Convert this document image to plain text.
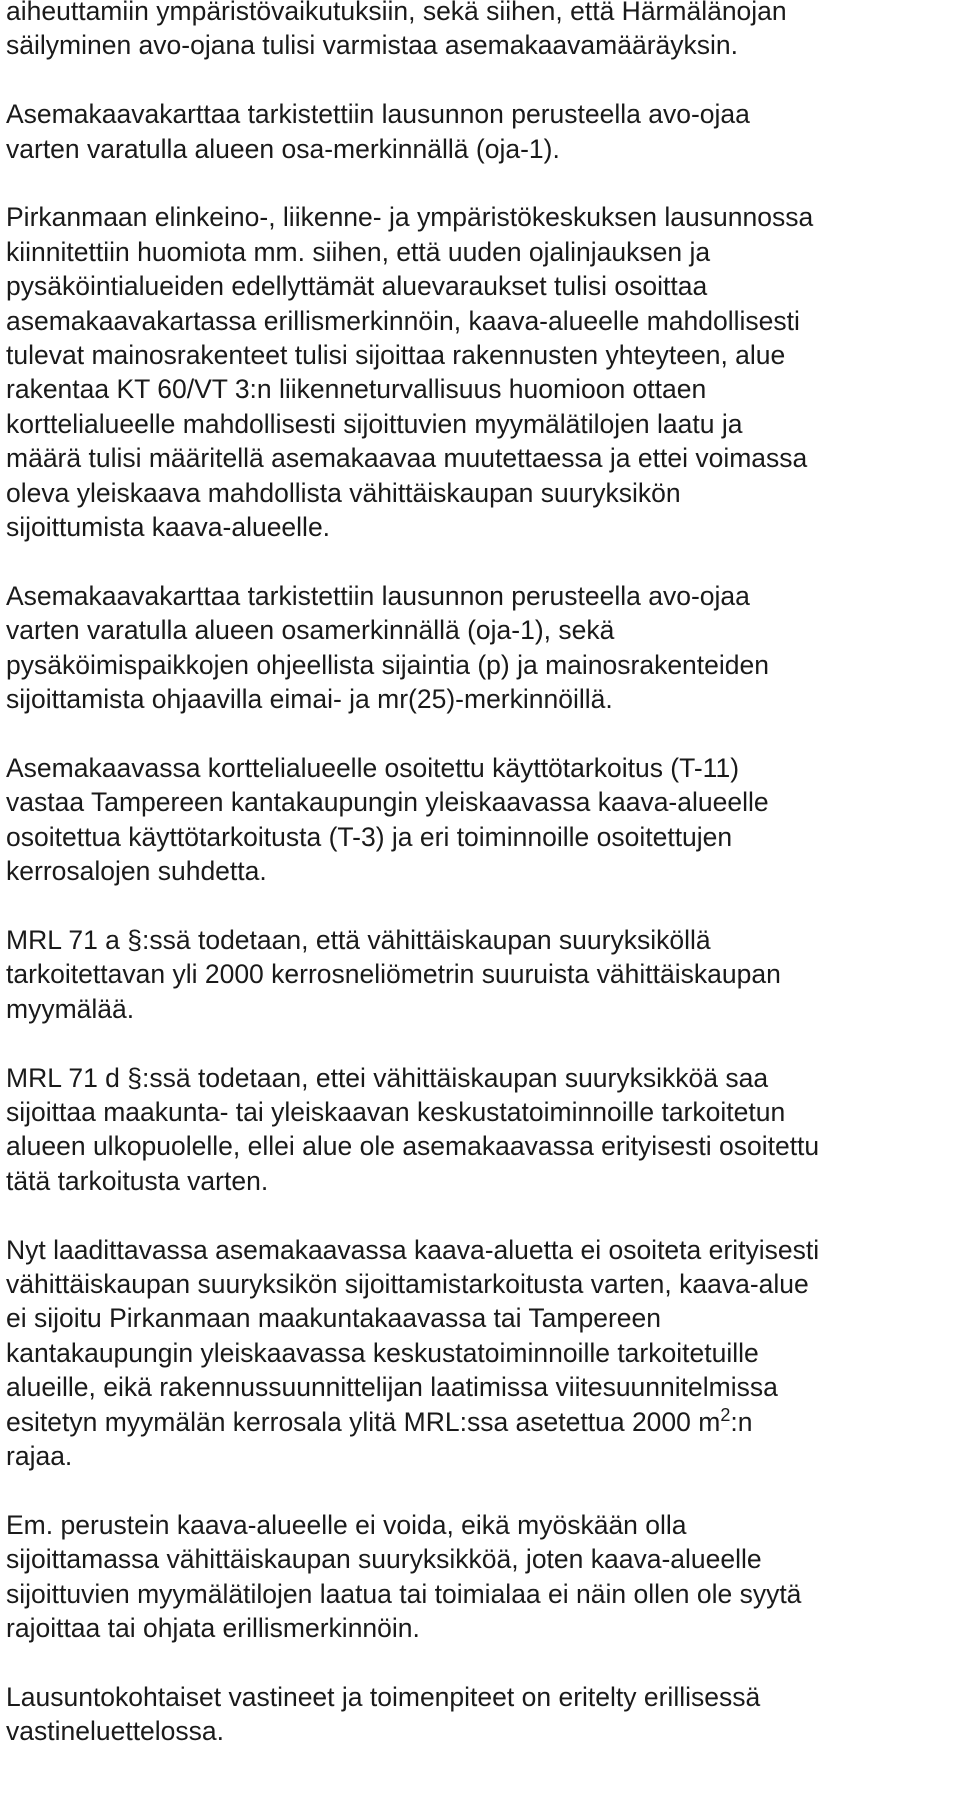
aiheuttamiin ympäristövaikutuksiin, sekä siihen, että Härmälänojan
säilyminen avo-ojana tulisi varmistaa asemakaavamääräyksin.

Asemakaavakarttaa tarkistettiin lausunnon perusteella avo-ojaa
varten varatulla alueen osa-merkinnällä (oja-1).

Pirkanmaan elinkeino-, liikenne- ja ympäristökeskuksen lausunnossa
kiinnitettiin huomiota mm. siihen, että uuden ojalinjauksen ja
pysäköintialueiden edellyttämät aluevaraukset tulisi osoittaa
asemakaavakartassa erillismerkinnöin, kaava-alueelle mahdollisesti
tulevat mainosrakenteet tulisi sijoittaa rakennusten yhteyteen, alue
rakentaa KT 60/VT 3:n liikenneturvallisuus huomioon ottaen
korttelialueelle mahdollisesti sijoittuvien myymälätilojen laatu ja
määrä tulisi määritellä asemakaavaa muutettaessa ja ettei voimassa
oleva yleiskaava mahdollista vähittäiskaupan suuryksikön
sijoittumista kaava-alueelle.

Asemakaavakarttaa tarkistettiin lausunnon perusteella avo-ojaa
varten varatulla alueen osamerkinnällä (oja-1), sekä
pysäköimispaikkojen ohjeellista sijaintia (p) ja mainosrakenteiden
sijoittamista ohjaavilla eimai- ja mr(25)-merkinnöillä.

Asemakaavassa korttelialueelle osoitettu käyttötarkoitus (T-11)
vastaa Tampereen kantakaupungin yleiskaavassa kaava-alueelle
osoitettua käyttötarkoitusta (T-3) ja eri toiminnoille osoitettujen
kerrosalojen suhdetta.

MRL 71 a §:ssä todetaan, että vähittäiskaupan suuryksiköllä
tarkoitettavan yli 2000 kerrosneliömetrin suuruista vähittäiskaupan
myymälää.

MRL 71 d §:ssä todetaan, ettei vähittäiskaupan suuryksikköä saa
sijoittaa maakunta- tai yleiskaavan keskustatoiminnoille tarkoitetun
alueen ulkopuolelle, ellei alue ole asemakaavassa erityisesti osoitettu
tätä tarkoitusta varten.

Nyt laadittavassa asemakaavassa kaava-aluetta ei osoiteta erityisesti
vähittäiskaupan suuryksikön sijoittamistarkoitusta varten, kaava-alue
ei sijoitu Pirkanmaan maakuntakaavassa tai Tampereen
kantakaupungin yleiskaavassa keskustatoiminnoille tarkoitetuille
alueille, eikä rakennussuunnittelijan laatimissa viitesuunnitelmissa
esitetyn myymälän kerrosala ylitä MRL:ssa asetettua 2000 $m^2:n$
rajaa.

Em. perustein kaava-alueelle ei voida, eikä myöskään olla
sijoittamassa vähittäiskaupan suuryksikköä, joten kaava-alueelle
sijoittuvien myymälätilojen laatua tai toimialaa ei näin ollen ole syytä
rajoittaa tai ohjata erillismerkinnöin.

Lausuntokohtaiset vastineet ja toimenpiteet on eritelty erillisessä
vastineluettelossa.
